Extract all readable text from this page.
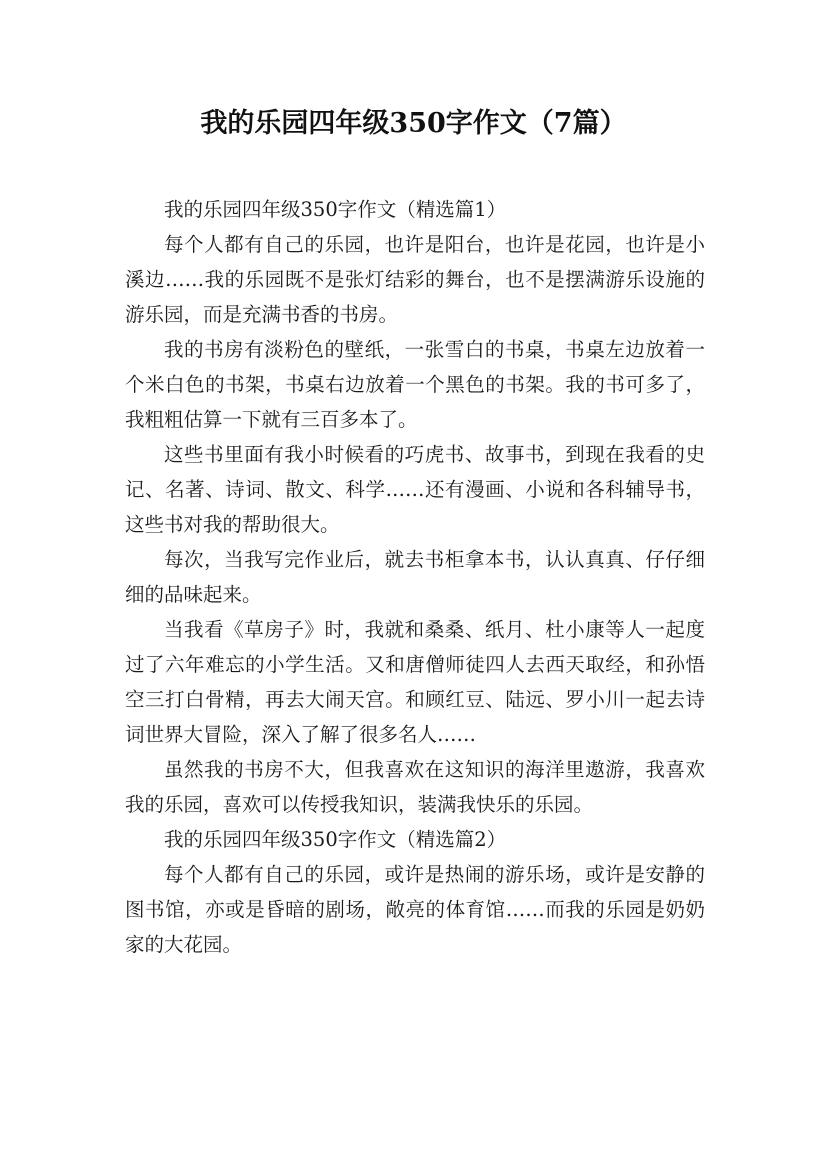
我的乐园四年级350字作文（7篇）

我的乐园四年级350字作文（精选篇1）

每个人都有自己的乐园，也许是阳台，也许是花园，也许是小溪边……我的乐园既不是张灯结彩的舞台，也不是摆满游乐设施的游乐园，而是充满书香的书房。

我的书房有淡粉色的壁纸，一张雪白的书桌，书桌左边放着一个米白色的书架，书桌右边放着一个黑色的书架。我的书可多了，我粗粗估算一下就有三百多本了。

这些书里面有我小时候看的巧虎书、故事书，到现在我看的史记、名著、诗词、散文、科学……还有漫画、小说和各科辅导书，这些书对我的帮助很大。

每次，当我写完作业后，就去书柜拿本书，认认真真、仔仔细细的品味起来。

当我看《草房子》时，我就和桑桑、纸月、杜小康等人一起度过了六年难忘的小学生活。又和唐僧师徒四人去西天取经，和孙悟空三打白骨精，再去大闹天宫。和顾红豆、陆远、罗小川一起去诗词世界大冒险，深入了解了很多名人……

虽然我的书房不大，但我喜欢在这知识的海洋里遨游，我喜欢我的乐园，喜欢可以传授我知识，装满我快乐的乐园。

我的乐园四年级350字作文（精选篇2）

每个人都有自己的乐园，或许是热闹的游乐场，或许是安静的图书馆，亦或是昏暗的剧场，敞亮的体育馆……而我的乐园是奶奶家的大花园。
